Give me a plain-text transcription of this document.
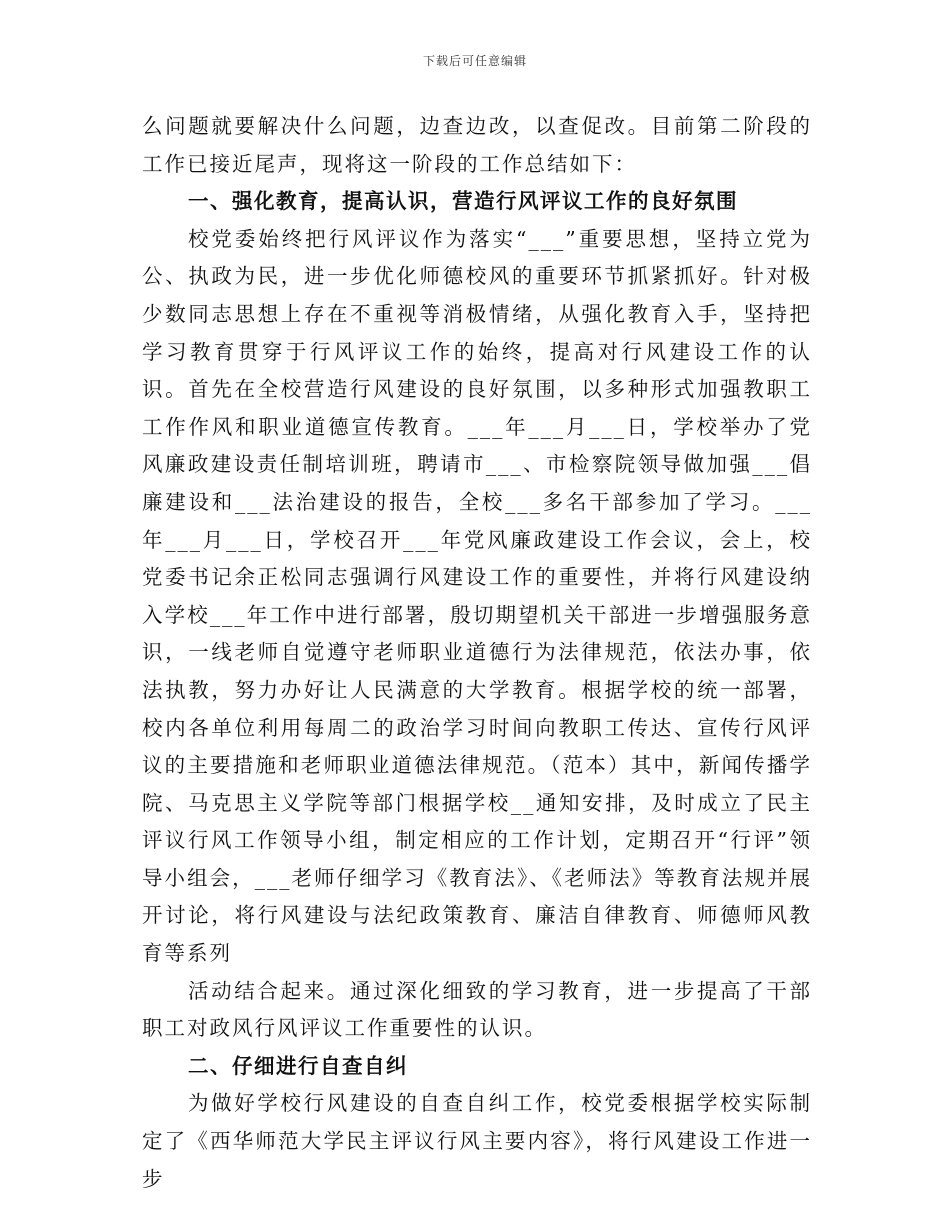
下载后可任意编辑

么问题就要解决什么问题，边查边改，以查促改。目前第二阶段的工作已接近尾声，现将这一阶段的工作总结如下：

一、强化教育，提高认识，营造行风评议工作的良好氛围

校党委始终把行风评议作为落实“___”重要思想，坚持立党为公、执政为民，进一步优化师德校风的重要环节抓紧抓好。针对极少数同志思想上存在不重视等消极情绪，从强化教育入手，坚持把学习教育贯穿于行风评议工作的始终，提高对行风建设工作的认识。首先在全校营造行风建设的良好氛围，以多种形式加强教职工工作作风和职业道德宣传教育。___年___月___日，学校举办了党风廉政建设责任制培训班，聘请市___、市检察院领导做加强___倡廉建设和___法治建设的报告，全校___多名干部参加了学习。___年___月___日，学校召开___年党风廉政建设工作会议，会上，校党委书记余正松同志强调行风建设工作的重要性，并将行风建设纳入学校___年工作中进行部署，殷切期望机关干部进一步增强服务意识，一线老师自觉遵守老师职业道德行为法律规范，依法办事，依法执教，努力办好让人民满意的大学教育。根据学校的统一部署，校内各单位利用每周二的政治学习时间向教职工传达、宣传行风评议的主要措施和老师职业道德法律规范。（范本）其中，新闻传播学院、马克思主义学院等部门根据学校__通知安排，及时成立了民主评议行风工作领导小组，制定相应的工作计划，定期召开“行评”领导小组会，___老师仔细学习《教育法》、《老师法》等教育法规并展开讨论，将行风建设与法纪政策教育、廉洁自律教育、师德师风教育等系列

活动结合起来。通过深化细致的学习教育，进一步提高了干部职工对政风行风评议工作重要性的认识。

二、仔细进行自查自纠

为做好学校行风建设的自查自纠工作，校党委根据学校实际制定了《西华师范大学民主评议行风主要内容》，将行风建设工作进一步
